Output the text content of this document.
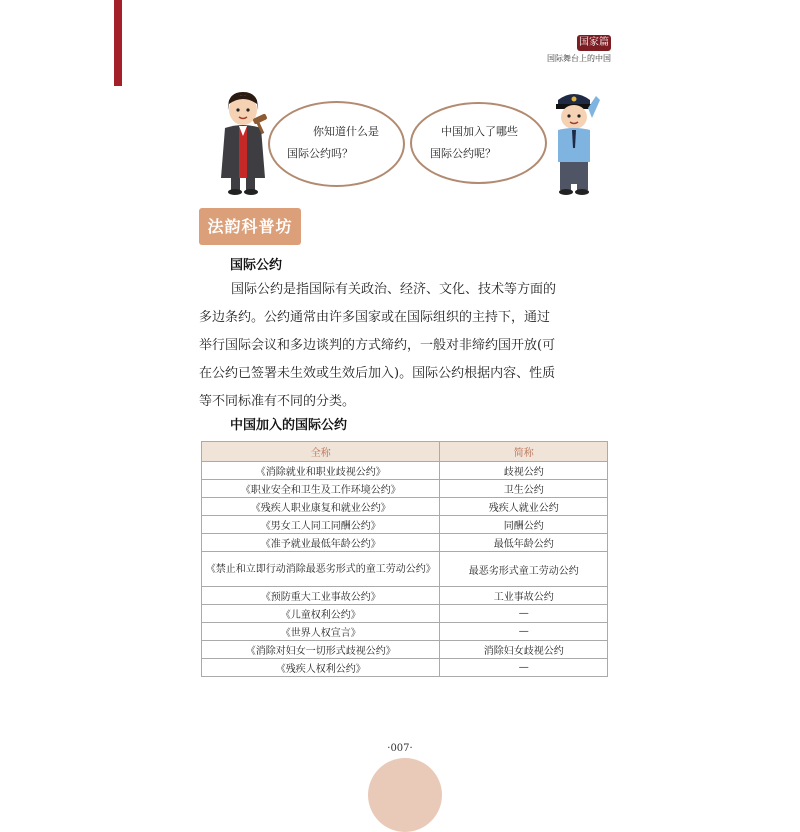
国家篇
国际舞台上的中国
你知道什么是
国际公约吗？
中国加入了哪些
国际公约呢？
法韵科普坊
国际公约
国际公约是指国际有关政治、经济、文化、技术等方面的
多边条约。公约通常由许多国家或在国际组织的主持下，通过
举行国际会议和多边谈判的方式缔约，一般对非缔约国开放(可
在公约已签署未生效或生效后加入)。国际公约根据内容、性质
等不同标准有不同的分类。
中国加入的国际公约
全称	简称
《消除就业和职业歧视公约》	歧视公约
《职业安全和卫生及工作环境公约》	卫生公约
《残疾人职业康复和就业公约》	残疾人就业公约
《男女工人同工同酬公约》	同酬公约
《准予就业最低年龄公约》	最低年龄公约
《禁止和立即行动消除最恶劣形式的童工劳动公约》	最恶劣形式童工劳动公约
《预防重大工业事故公约》	工业事故公约
《儿童权利公约》	—
《世界人权宣言》	—
《消除对妇女一切形式歧视公约》	消除妇女歧视公约
《残疾人权利公约》	—
·007·
